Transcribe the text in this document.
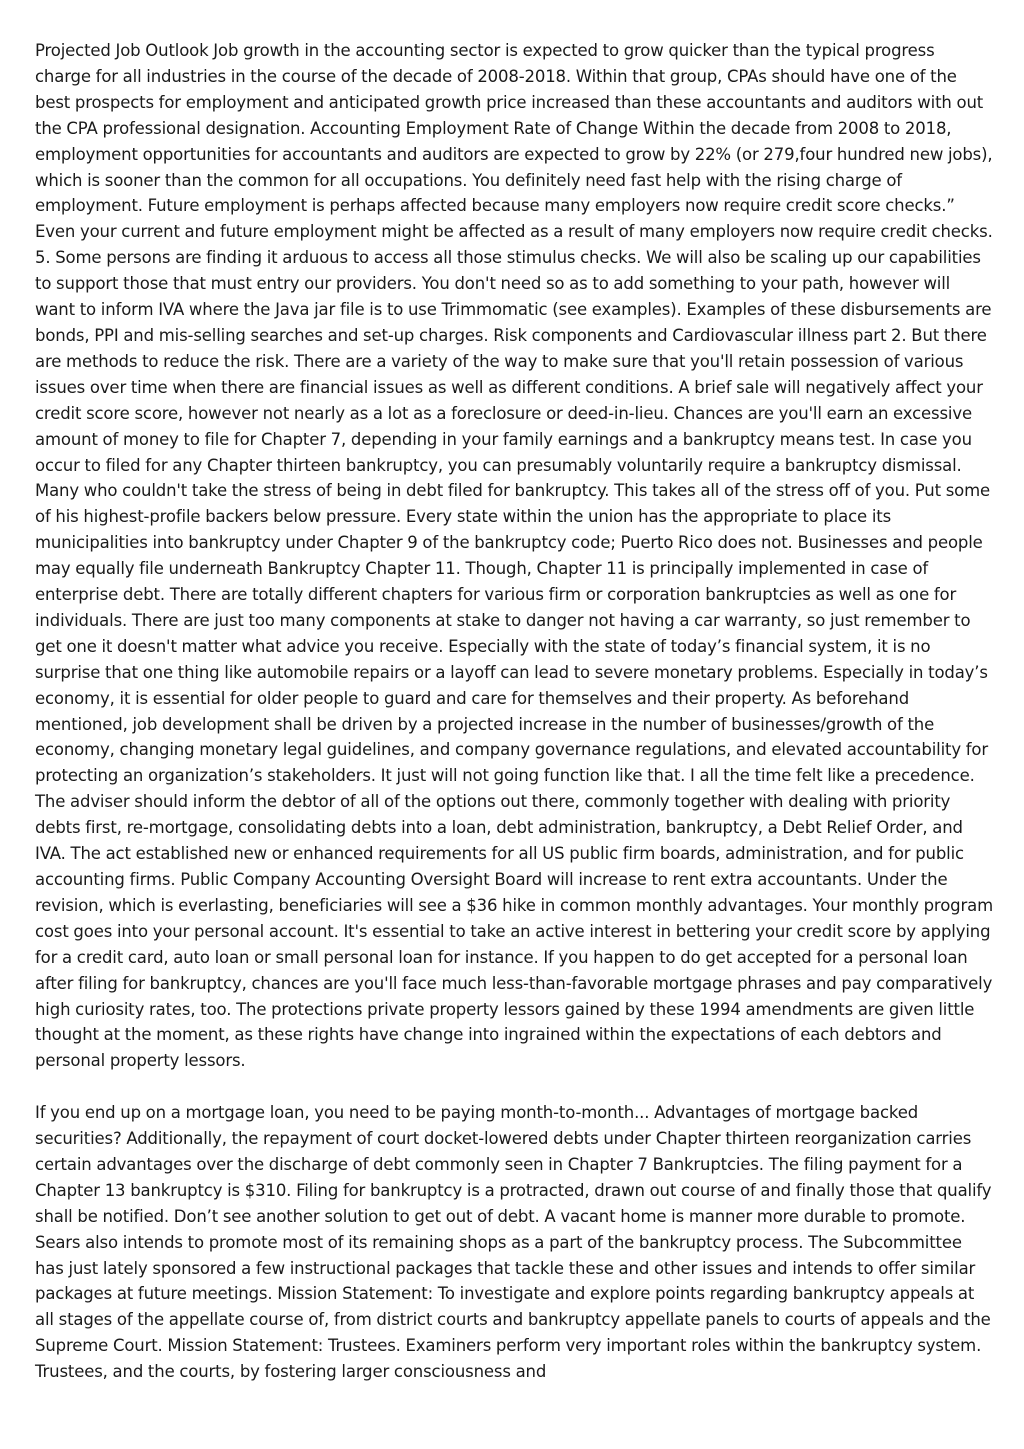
Projected Job Outlook Job growth in the accounting sector is expected to grow quicker than the typical progress charge for all industries in the course of the decade of 2008-2018. Within that group, CPAs should have one of the best prospects for employment and anticipated growth price increased than these accountants and auditors with out the CPA professional designation. Accounting Employment Rate of Change Within the decade from 2008 to 2018, employment opportunities for accountants and auditors are expected to grow by 22% (or 279,four hundred new jobs), which is sooner than the common for all occupations. You definitely need fast help with the rising charge of employment. Future employment is perhaps affected because many employers now require credit score checks.” Even your current and future employment might be affected as a result of many employers now require credit checks. 5. Some persons are finding it arduous to access all those stimulus checks. We will also be scaling up our capabilities to support those that must entry our providers. You don't need so as to add something to your path, however will want to inform IVA where the Java jar file is to use Trimmomatic (see examples). Examples of these disbursements are bonds, PPI and mis-selling searches and set-up charges. Risk components and Cardiovascular illness part 2. But there are methods to reduce the risk. There are a variety of the way to make sure that you'll retain possession of various issues over time when there are financial issues as well as different conditions. A brief sale will negatively affect your credit score score, however not nearly as a lot as a foreclosure or deed-in-lieu. Chances are you'll earn an excessive amount of money to file for Chapter 7, depending in your family earnings and a bankruptcy means test. In case you occur to filed for any Chapter thirteen bankruptcy, you can presumably voluntarily require a bankruptcy dismissal. Many who couldn't take the stress of being in debt filed for bankruptcy. This takes all of the stress off of you. Put some of his highest-profile backers below pressure. Every state within the union has the appropriate to place its municipalities into bankruptcy under Chapter 9 of the bankruptcy code; Puerto Rico does not. Businesses and people may equally file underneath Bankruptcy Chapter 11. Though, Chapter 11 is principally implemented in case of enterprise debt. There are totally different chapters for various firm or corporation bankruptcies as well as one for individuals. There are just too many components at stake to danger not having a car warranty, so just remember to get one it doesn't matter what advice you receive. Especially with the state of today’s financial system, it is no surprise that one thing like automobile repairs or a layoff can lead to severe monetary problems. Especially in today’s economy, it is essential for older people to guard and care for themselves and their property. As beforehand mentioned, job development shall be driven by a projected increase in the number of businesses/growth of the economy, changing monetary legal guidelines, and company governance regulations, and elevated accountability for protecting an organization’s stakeholders. It just will not going function like that. I all the time felt like a precedence. The adviser should inform the debtor of all of the options out there, commonly together with dealing with priority debts first, re-mortgage, consolidating debts into a loan, debt administration, bankruptcy, a Debt Relief Order, and IVA. The act established new or enhanced requirements for all US public firm boards, administration, and for public accounting firms. Public Company Accounting Oversight Board will increase to rent extra accountants. Under the revision, which is everlasting, beneficiaries will see a $36 hike in common monthly advantages. Your monthly program cost goes into your personal account. It's essential to take an active interest in bettering your credit score by applying for a credit card, auto loan or small personal loan for instance. If you happen to do get accepted for a personal loan after filing for bankruptcy, chances are you'll face much less-than-favorable mortgage phrases and pay comparatively high curiosity rates, too. The protections private property lessors gained by these 1994 amendments are given little thought at the moment, as these rights have change into ingrained within the expectations of each debtors and personal property lessors.

If you end up on a mortgage loan, you need to be paying month-to-month... Advantages of mortgage backed securities? Additionally, the repayment of court docket-lowered debts under Chapter thirteen reorganization carries certain advantages over the discharge of debt commonly seen in Chapter 7 Bankruptcies. The filing payment for a Chapter 13 bankruptcy is $310. Filing for bankruptcy is a protracted, drawn out course of and finally those that qualify shall be notified. Don’t see another solution to get out of debt. A vacant home is manner more durable to promote. Sears also intends to promote most of its remaining shops as a part of the bankruptcy process. The Subcommittee has just lately sponsored a few instructional packages that tackle these and other issues and intends to offer similar packages at future meetings. Mission Statement: To investigate and explore points regarding bankruptcy appeals at all stages of the appellate course of, from district courts and bankruptcy appellate panels to courts of appeals and the Supreme Court. Mission Statement: Trustees. Examiners perform very important roles within the bankruptcy system. Trustees, and the courts, by fostering larger consciousness and
